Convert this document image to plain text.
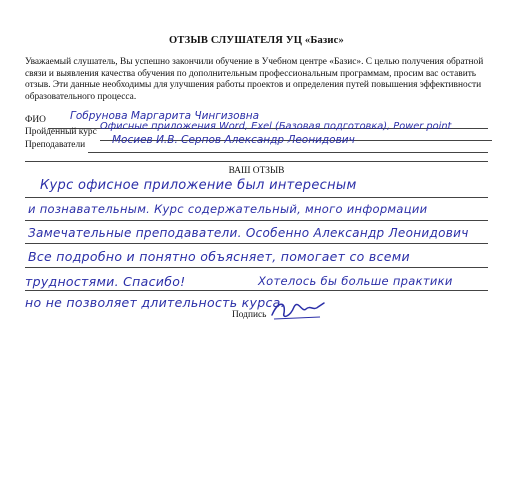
ОТЗЫВ СЛУШАТЕЛЯ УЦ «Базис»
Уважаемый слушатель, Вы успешно закончили обучение в Учебном центре «Базис». С целью получения обратной связи и выявления качества обучения по дополнительным профессиональным программам, просим вас оставить отзыв. Эти данные необходимы для улучшения работы проектов и определения путей повышения эффективности образовательного процесса.
ФИО Гобрунова Маргарита Чингизовна
Пройденный курс Офисные приложения Word, Exel (Базовая подготовка), Power point
Преподаватели	Мосиев И.В. Серпов Александр Леонидович
ВАШ ОТЗЫВ
Курс офисное приложение был интересным
и познавательным. Курс содержательный, много информации
Замечательные преподаватели. Особенно Александр Леонидович
Все подробно и понятно объясняет, помогает со всеми
трудностями. Спасибо!	Хотелось бы больше практики
но не позволяет длительность курса.
Подпись
